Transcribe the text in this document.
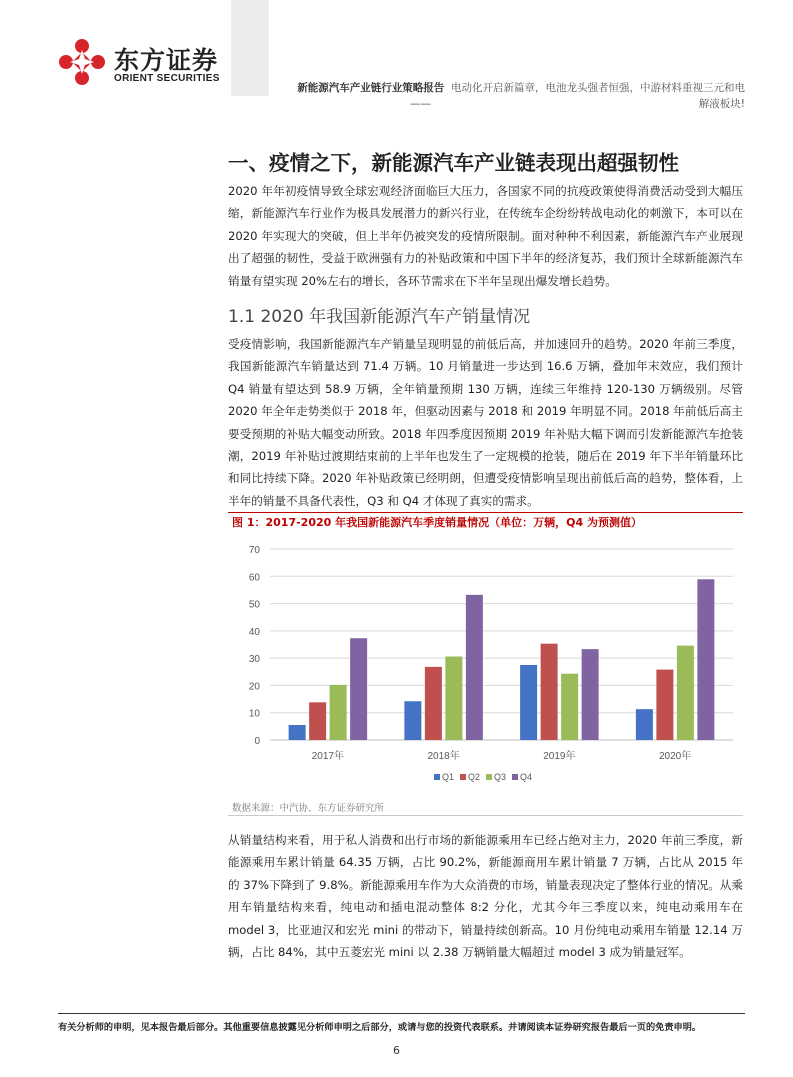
东方证券
ORIENT SECURITIES
新能源汽车产业链行业策略报告 电动化开启新篇章，电池龙头强者恒强，中游材料重视三元和电
——	解液板块!
一、疫情之下，新能源汽车产业链表现出超强韧性
2020 年年初疫情导致全球宏观经济面临巨大压力，各国家不同的抗疫政策使得消费活动受到大幅压缩，新能源汽车行业作为极具发展潜力的新兴行业，在传统车企纷纷转战电动化的刺激下，本可以在 2020 年实现大的突破，但上半年仍被突发的疫情所限制。面对种种不利因素，新能源汽车产业展现出了超强的韧性，受益于欧洲强有力的补贴政策和中国下半年的经济复苏，我们预计全球新能源汽车销量有望实现 20%左右的增长，各环节需求在下半年呈现出爆发增长趋势。
1.1 2020 年我国新能源汽车产销量情况
受疫情影响，我国新能源汽车产销量呈现明显的前低后高，并加速回升的趋势。2020 年前三季度，我国新能源汽车销量达到 71.4 万辆。10 月销量进一步达到 16.6 万辆，叠加年末效应，我们预计 Q4 销量有望达到 58.9 万辆，全年销量预期 130 万辆，连续三年维持 120-130 万辆级别。尽管 2020 年全年走势类似于 2018 年，但驱动因素与 2018 和 2019 年明显不同。2018 年前低后高主要受预期的补贴大幅变动所致。2018 年四季度因预期 2019 年补贴大幅下调而引发新能源汽车抢装潮，2019 年补贴过渡期结束前的上半年也发生了一定规模的抢装，随后在 2019 年下半年销量环比和同比持续下降。2020 年补贴政策已经明朗，但遭受疫情影响呈现出前低后高的趋势，整体看，上半年的销量不具备代表性，Q3 和 Q4 才体现了真实的需求。
图 1：2017-2020 年我国新能源汽车季度销量情况（单位：万辆，Q4 为预测值）
0
10
20
30
40
50
60
70
2017年	2018年	2019年	2020年
Q1 Q2 Q3 Q4
数据来源：中汽协、东方证券研究所
从销量结构来看，用于私人消费和出行市场的新能源乘用车已经占绝对主力，2020 年前三季度，新能源乘用车累计销量 64.35 万辆，占比 90.2%，新能源商用车累计销量 7 万辆，占比从 2015 年的 37%下降到了 9.8%。新能源乘用车作为大众消费的市场，销量表现决定了整体行业的情况。从乘用车销量结构来看，纯电动和插电混动整体 8:2 分化，尤其今年三季度以来，纯电动乘用车在 model 3，比亚迪汉和宏光 mini 的带动下，销量持续创新高。10 月份纯电动乘用车销量 12.14 万辆，占比 84%，其中五菱宏光 mini 以 2.38 万辆销量大幅超过 model 3 成为销量冠军。
有关分析师的申明，见本报告最后部分。其他重要信息披露见分析师申明之后部分，或请与您的投资代表联系。并请阅读本证券研究报告最后一页的免责申明。
6
